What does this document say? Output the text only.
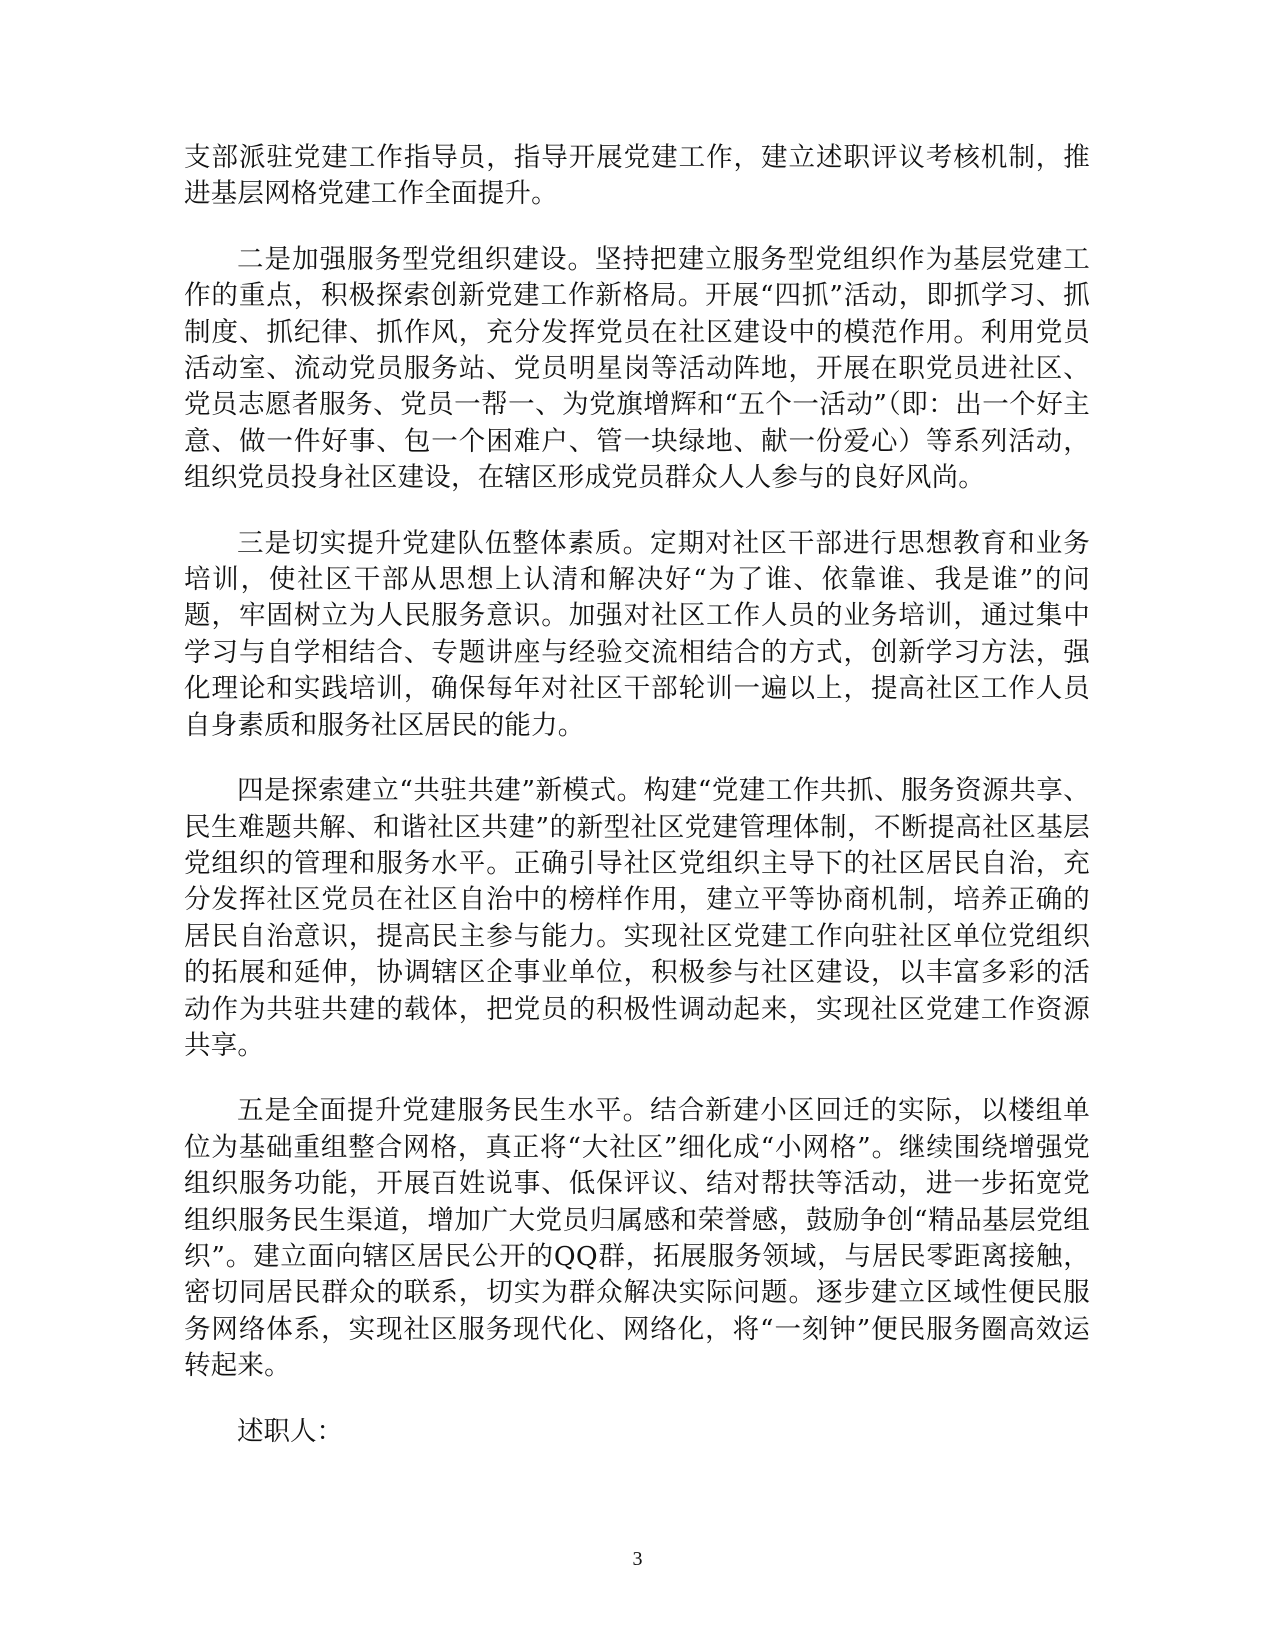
支部派驻党建工作指导员，指导开展党建工作，建立述职评议考核机制，推进基层网格党建工作全面提升。

二是加强服务型党组织建设。坚持把建立服务型党组织作为基层党建工作的重点，积极探索创新党建工作新格局。开展“四抓”活动，即抓学习、抓制度、抓纪律、抓作风，充分发挥党员在社区建设中的模范作用。利用党员活动室、流动党员服务站、党员明星岗等活动阵地，开展在职党员进社区、党员志愿者服务、党员一帮一、为党旗增辉和“五个一活动”（即：出一个好主意、做一件好事、包一个困难户、管一块绿地、献一份爱心）等系列活动，组织党员投身社区建设，在辖区形成党员群众人人参与的良好风尚。

三是切实提升党建队伍整体素质。定期对社区干部进行思想教育和业务培训，使社区干部从思想上认清和解决好“为了谁、依靠谁、我是谁”的问题，牢固树立为人民服务意识。加强对社区工作人员的业务培训，通过集中学习与自学相结合、专题讲座与经验交流相结合的方式，创新学习方法，强化理论和实践培训，确保每年对社区干部轮训一遍以上，提高社区工作人员自身素质和服务社区居民的能力。

四是探索建立“共驻共建”新模式。构建“党建工作共抓、服务资源共享、民生难题共解、和谐社区共建”的新型社区党建管理体制，不断提高社区基层党组织的管理和服务水平。正确引导社区党组织主导下的社区居民自治，充分发挥社区党员在社区自治中的榜样作用，建立平等协商机制，培养正确的居民自治意识，提高民主参与能力。实现社区党建工作向驻社区单位党组织的拓展和延伸，协调辖区企事业单位，积极参与社区建设，以丰富多彩的活动作为共驻共建的载体，把党员的积极性调动起来，实现社区党建工作资源共享。

五是全面提升党建服务民生水平。结合新建小区回迁的实际，以楼组单位为基础重组整合网格，真正将“大社区”细化成“小网格”。继续围绕增强党组织服务功能，开展百姓说事、低保评议、结对帮扶等活动，进一步拓宽党组织服务民生渠道，增加广大党员归属感和荣誉感，鼓励争创“精品基层党组织”。建立面向辖区居民公开的QQ群，拓展服务领域，与居民零距离接触，密切同居民群众的联系，切实为群众解决实际问题。逐步建立区域性便民服务网络体系，实现社区服务现代化、网络化，将“一刻钟”便民服务圈高效运转起来。

述职人：

3
